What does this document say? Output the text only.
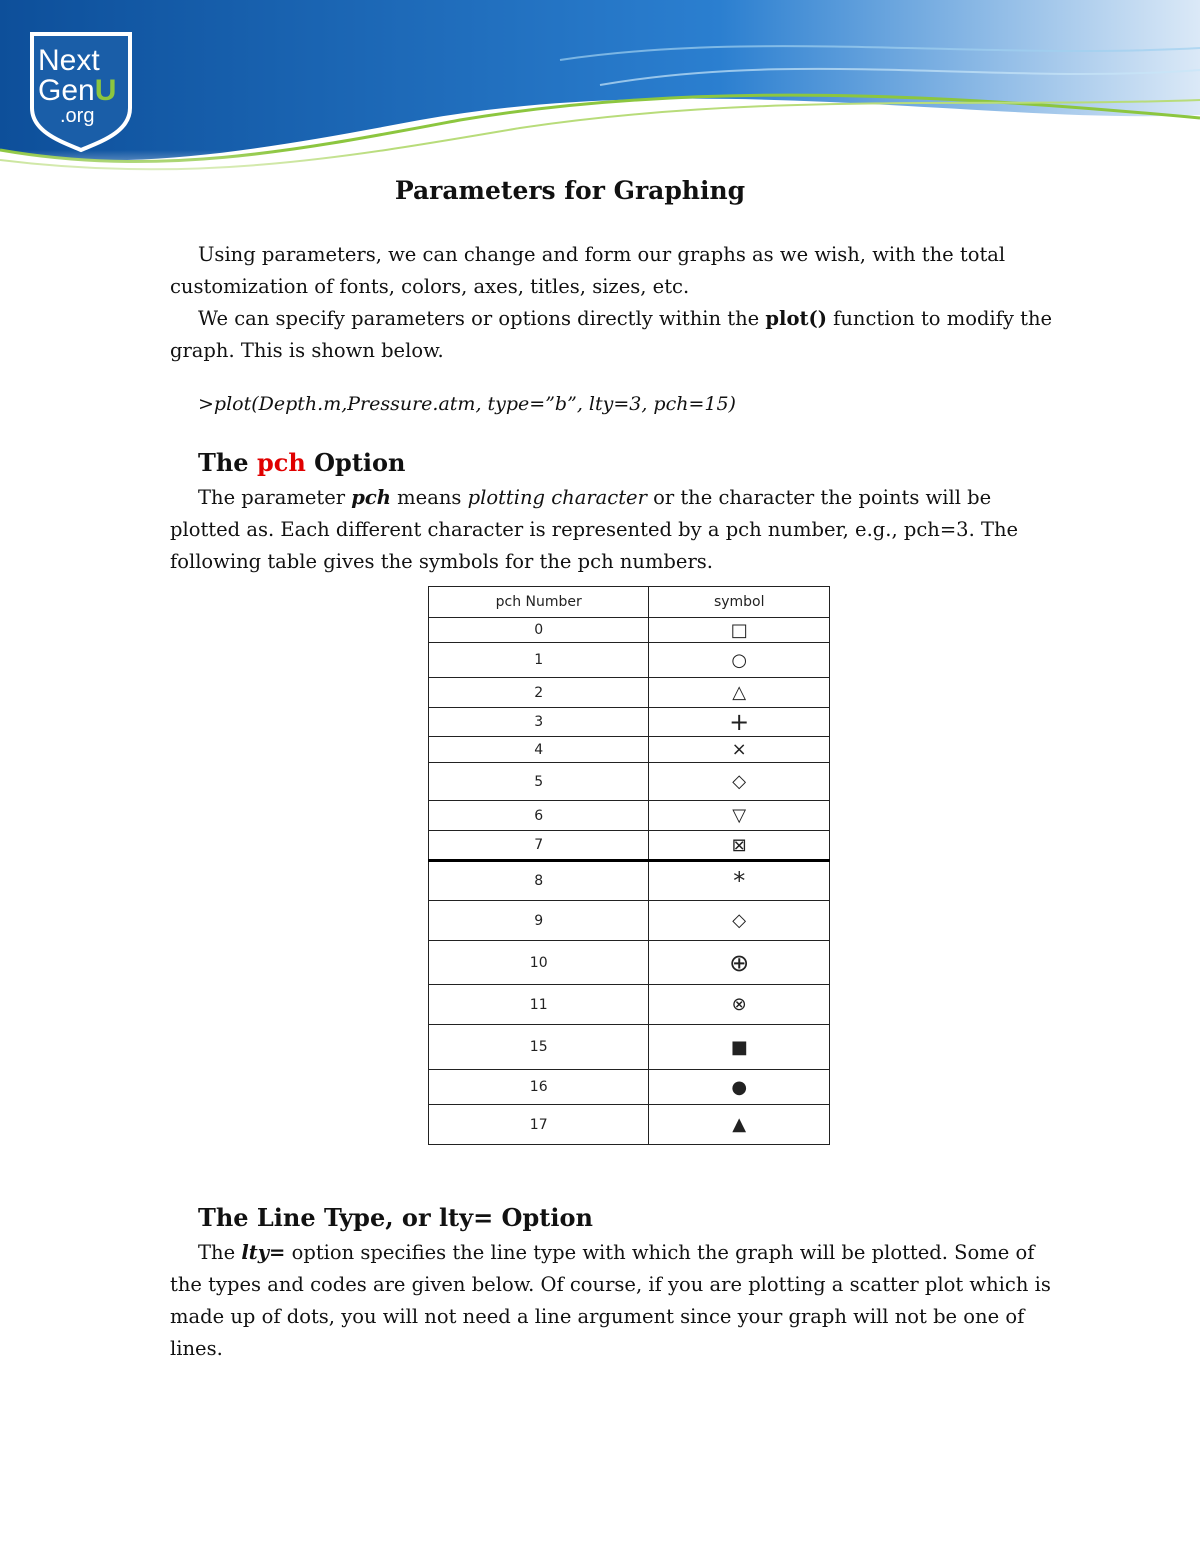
Next
GenU
.org
Parameters for Graphing

Using parameters, we can change and form our graphs as we wish, with the total customization of fonts, colors, axes, titles, sizes, etc.

We can specify parameters or options directly within the plot() function to modify the graph. This is shown below.

>plot(Depth.m,Pressure.atm, type=”b”, lty=3, pch=15)
The pch Option

The parameter pch means plotting character or the character the points will be plotted as. Each different character is represented by a pch number, e.g., pch=3. The following table gives the symbols for the pch numbers.

The Line Type, or lty= Option

The lty= option specifies the line type with which the graph will be plotted. Some of the types and codes are given below. Of course, if you are plotting a scatter plot which is made up of dots, you will not need a line argument since your graph will not be one of lines.

pch Number	symbol
0	□
1	○
2	△
3	+
4	×
5	◇
6	▽
7	⊠
8	*
9	◇
10	⊕
11	⊗
15	■
16	●
17	▲
